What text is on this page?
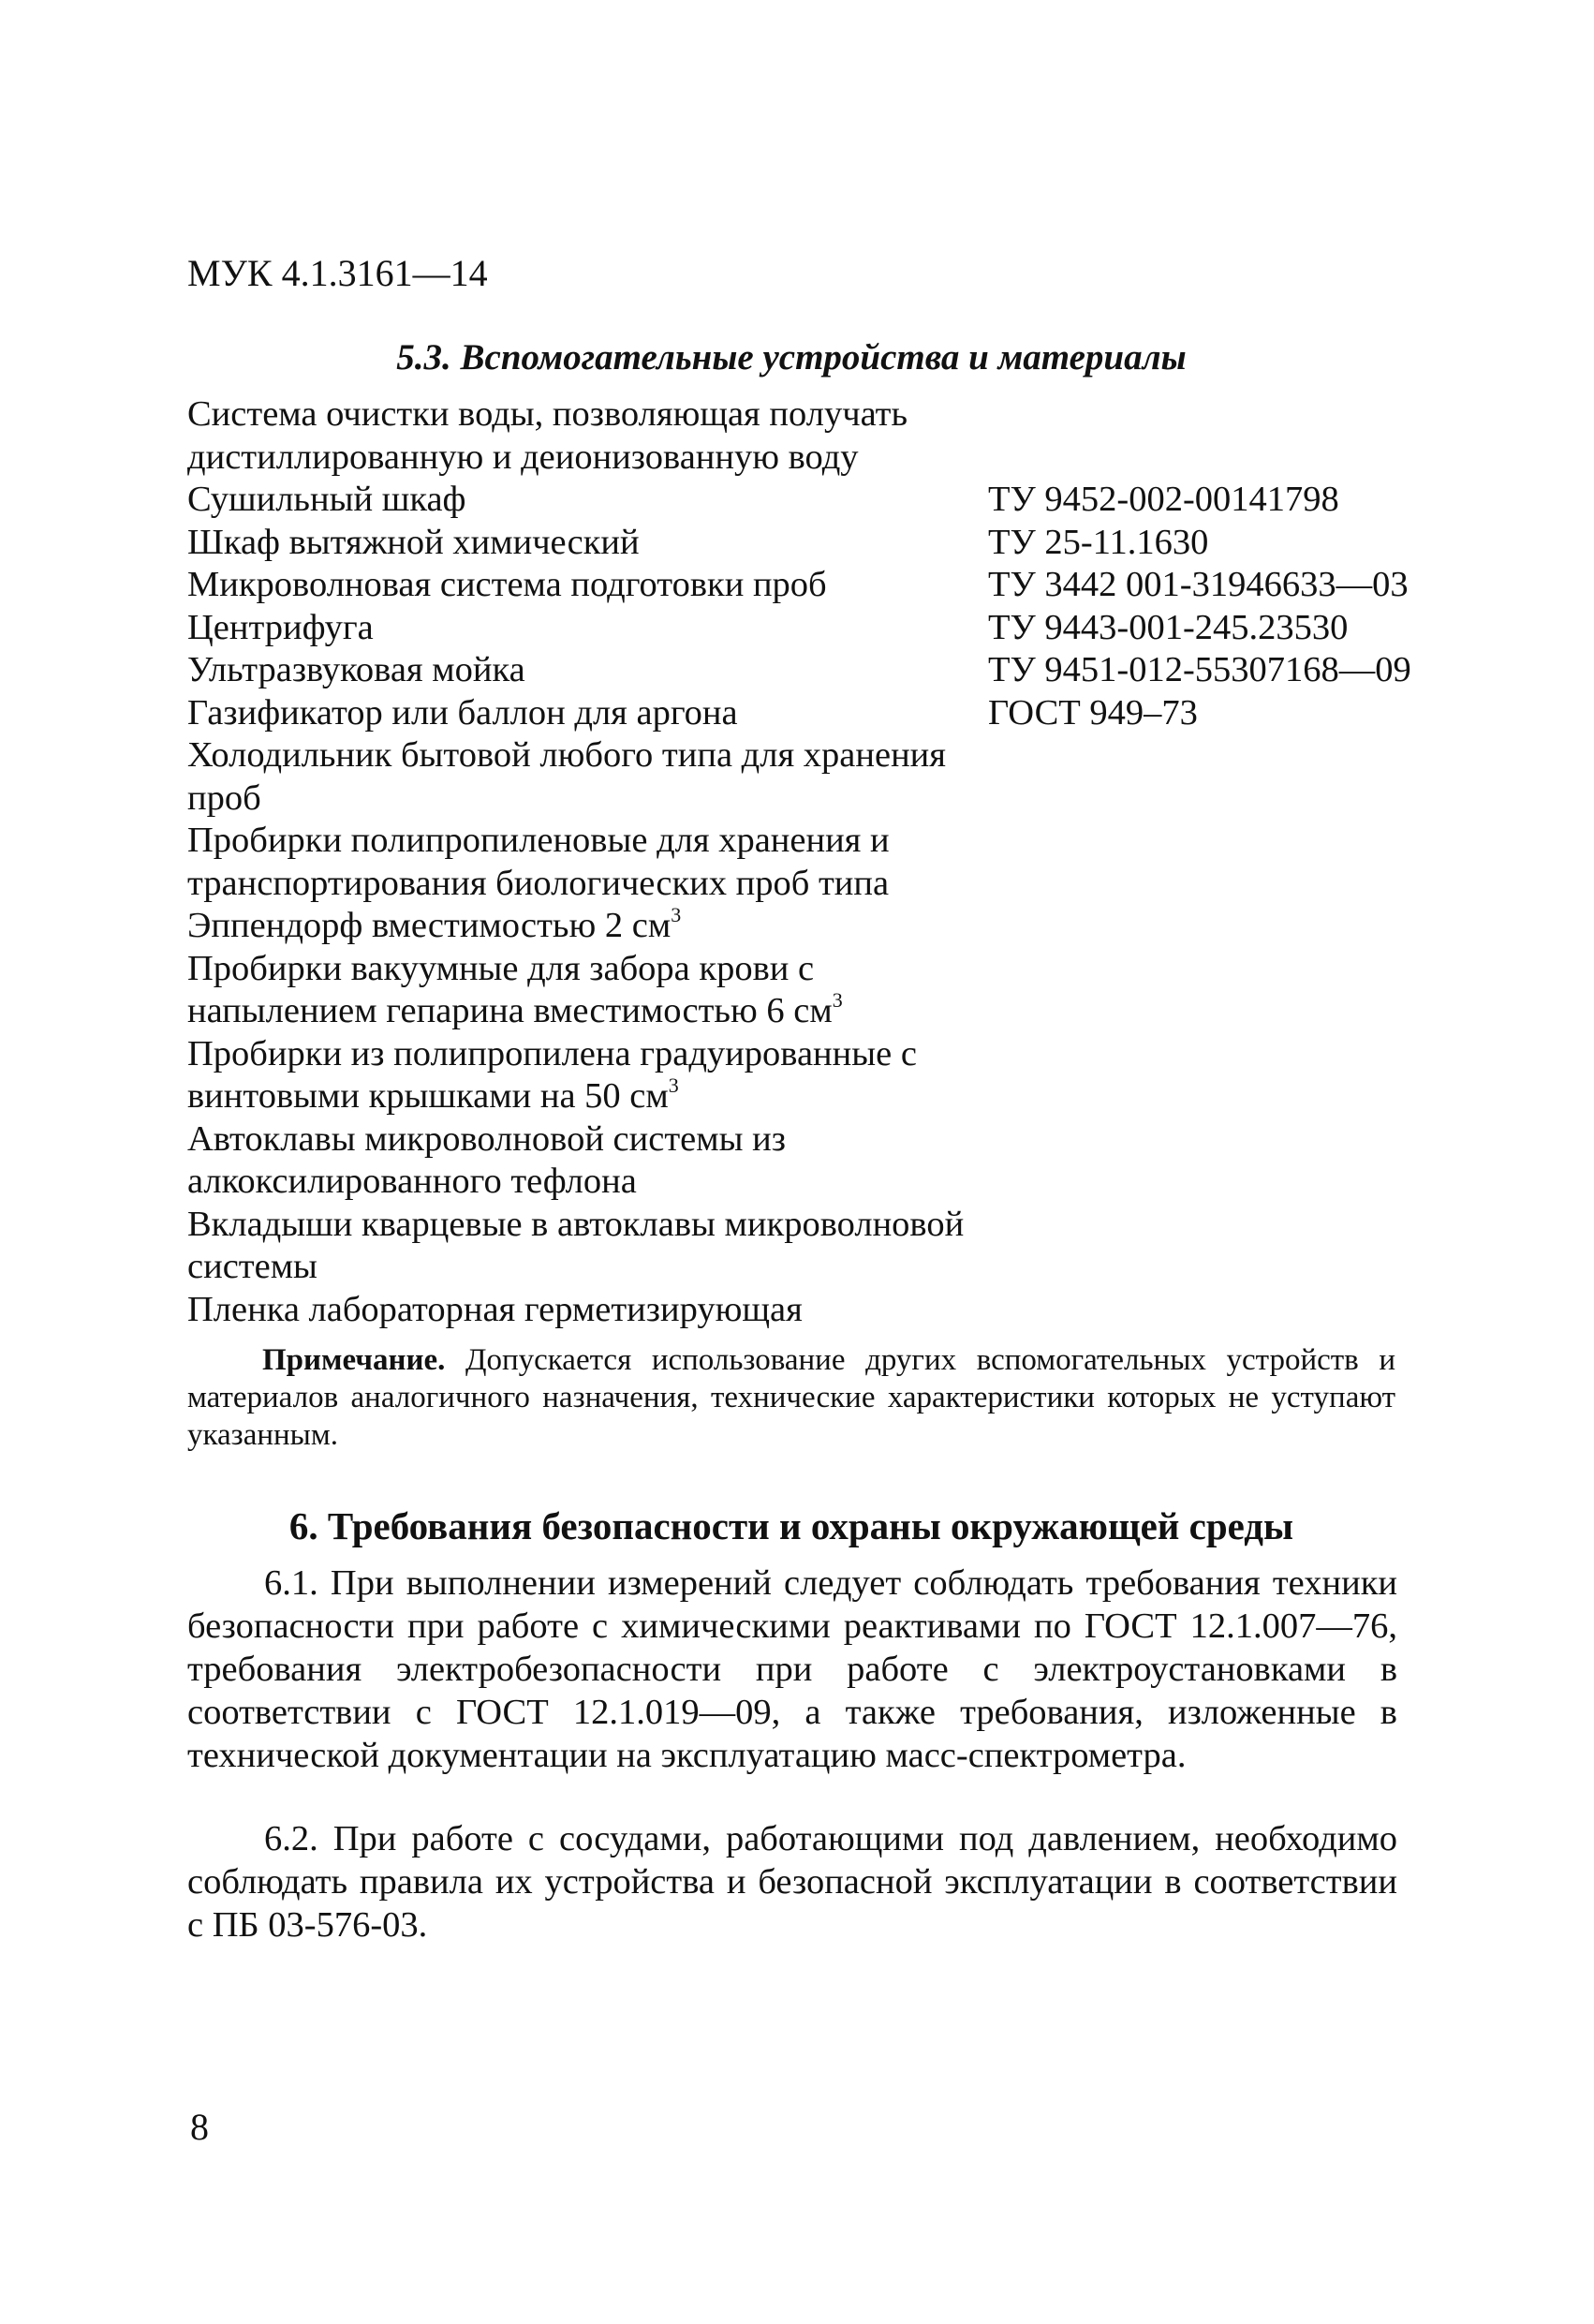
МУК 4.1.3161—14
5.3. Вспомогательные устройства и материалы
Система очистки воды, позволяющая получать дистиллированную и деионизованную воду
Сушильный шкаф	ТУ 9452-002-00141798
Шкаф вытяжной химический	ТУ 25-11.1630
Микроволновая система подготовки проб	ТУ 3442 001-31946633—03
Центрифуга	ТУ 9443-001-245.23530
Ультразвуковая мойка	ТУ 9451-012-55307168—09
Газификатор или баллон для аргона	ГОСТ 949–73
Холодильник бытовой любого типа для хранения проб
Пробирки полипропиленовые для хранения и транспортирования биологических проб типа Эппендорф вместимостью 2 $см^3$
Пробирки вакуумные для забора крови с напылением гепарина вместимостью 6 $см^3$
Пробирки из полипропилена градуированные с винтовыми крышками на 50 $см^3$
Автоклавы микроволновой системы из алкоксилированного тефлона
Вкладыши кварцевые в автоклавы микроволновой системы
Пленка лабораторная герметизирующая
Примечание. Допускается использование других вспомогательных устройств и материалов аналогичного назначения, технические характеристики которых не уступают указанным.
6. Требования безопасности и охраны окружающей среды
6.1. При выполнении измерений следует соблюдать требования техники безопасности при работе с химическими реактивами по ГОСТ 12.1.007—76, требования электробезопасности при работе с электроустановками в соответствии с ГОСТ 12.1.019—09, а также требования, изложенные в технической документации на эксплуатацию масс-спектрометра.
6.2. При работе с сосудами, работающими под давлением, необходимо соблюдать правила их устройства и безопасной эксплуатации в соответствии с ПБ 03-576-03.
8
